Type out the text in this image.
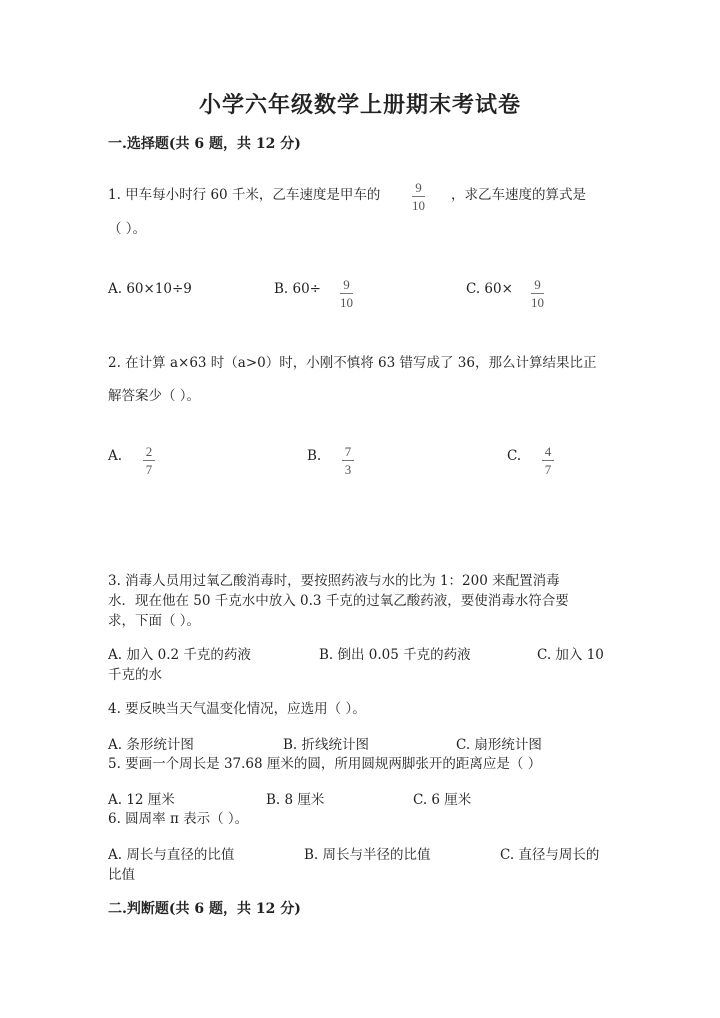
小学六年级数学上册期末考试卷
一.选择题(共 6 题，共 12 分)
1. 甲车每小时行 60 千米，乙车速度是甲车的 $\frac{9}{10}$ ，求乙车速度的算式是
（ ）。
A. 60×10÷9	B. $60\div \frac{9}{10}$	C. $60\times \frac{9}{10}$
2. 在计算 a×63 时（a>0）时，小刚不慎将 63 错写成了 36，那么计算结果比正
解答案少（ ）。
A. $\frac{2}{7}$	B. $\frac{7}{3}$	C. $\frac{4}{7}$
3. 消毒人员用过氧乙酸消毒时，要按照药液与水的比为 1：200 来配置消毒
水．现在他在 50 千克水中放入 0.3 千克的过氧乙酸药液，要使消毒水符合要
求，下面（ ）。
A. 加入 0.2 千克的药液	B. 倒出 0.05 千克的药液	C. 加入 10
千克的水
4. 要反映当天气温变化情况，应选用（ ）。
A. 条形统计图	B. 折线统计图	C. 扇形统计图
5. 要画一个周长是 37.68 厘米的圆，所用圆规两脚张开的距离应是（ ）
A. 12 厘米	B. 8 厘米	C. 6 厘米
6. 圆周率 π 表示（ ）。
A. 周长与直径的比值	B. 周长与半径的比值	C. 直径与周长的
比值
二.判断题(共 6 题，共 12 分)
